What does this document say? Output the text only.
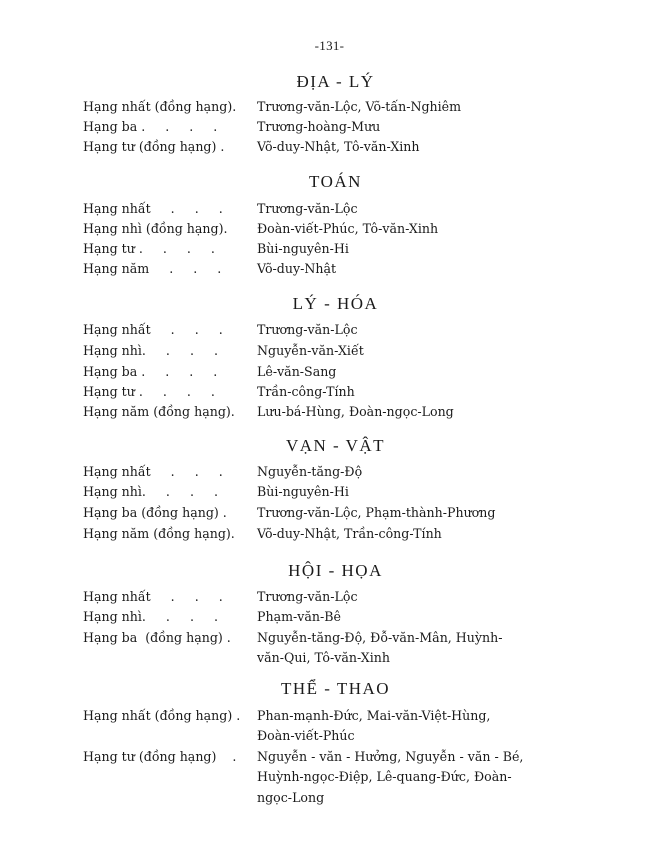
-131-
ĐỊA - LÝ
Hạng nhất (đồng hạng).	Trương-văn-Lộc, Võ-tấn-Nghiêm
Hạng ba .     .     .     .	Trương-hoàng-Mưu
Hạng tư (đồng hạng) .	Võ-duy-Nhật, Tô-văn-Xinh
TOÁN
Hạng nhất     .     .     .	Trương-văn-Lộc
Hạng nhì (đồng hạng).	Đoàn-viết-Phúc, Tô-văn-Xinh
Hạng tư .     .     .     .	Bùi-nguyên-Hi
Hạng năm     .     .     .	Võ-duy-Nhật
LÝ - HÓA
Hạng nhất     .     .     .	Trương-văn-Lộc
Hạng nhì.     .     .     .	Nguyễn-văn-Xiết
Hạng ba .     .     .     .	Lê-văn-Sang
Hạng tư .     .     .     .	Trần-công-Tính
Hạng năm (đồng hạng).	Lưu-bá-Hùng, Đoàn-ngọc-Long
VẠN - VẬT
Hạng nhất     .     .     .	Nguyễn-tăng-Độ
Hạng nhì.     .     .     .	Bùi-nguyên-Hi
Hạng ba (đồng hạng) .	Trương-văn-Lộc, Phạm-thành-Phương
Hạng năm (đồng hạng).	Võ-duy-Nhật, Trần-công-Tính
HỘI - HỌA
Hạng nhất     .     .     .	Trương-văn-Lộc
Hạng nhì.     .     .     .	Phạm-văn-Bê
Hạng ba  (đồng hạng) .	Nguyễn-tăng-Độ, Đỗ-văn-Mân, Huỳnh-
văn-Qui, Tô-văn-Xinh
THỂ - THAO
Hạng nhất (đồng hạng) .	Phan-mạnh-Đức, Mai-văn-Việt-Hùng,
Đoàn-viết-Phúc
Hạng tư (đồng hạng)    .	Nguyễn - văn - Hưởng, Nguyễn - văn - Bé,
Huỳnh-ngọc-Điệp, Lê-quang-Đức, Đoàn-
ngọc-Long
